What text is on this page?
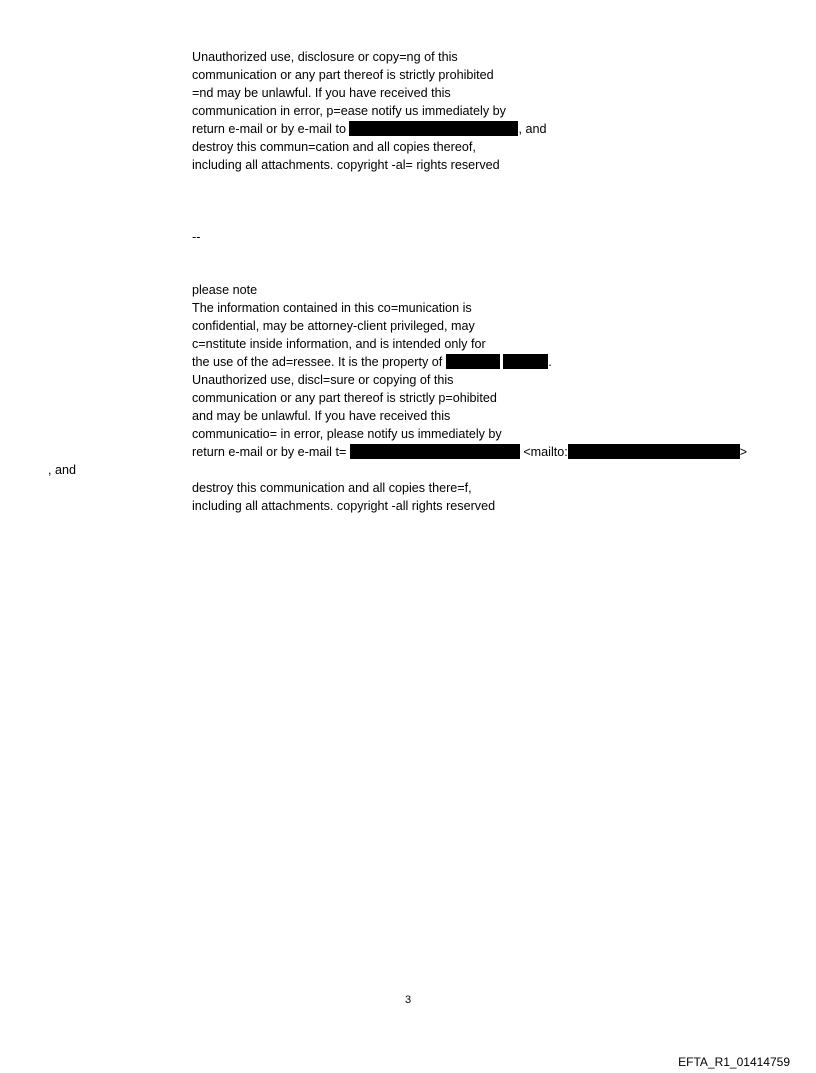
Unauthorized use, disclosure or copy=ng of this
communication or any part thereof is strictly prohibited
=nd may be unlawful. If you have received this
communication in error, p=ease notify us immediately by
return e-mail or by e-mail to	, and
destroy this commun=cation and all copies thereof,
including all attachments. copyright -al= rights reserved
--
please note
The information contained in this co=munication is
confidential, may be attorney-client privileged, may
c=nstitute inside information, and is intended only for
the use of the ad=ressee. It is the property of	.
Unauthorized use, discl=sure or copying of this
communication or any part thereof is strictly p=ohibited
and may be unlawful. If you have received this
communicatio= in error, please notify us immediately by
return e-mail or by e-mail t=	<mailto:	>
, and
destroy this communication and all copies there=f,
including all attachments. copyright -all rights reserved
3
EFTA_R1_01414759
